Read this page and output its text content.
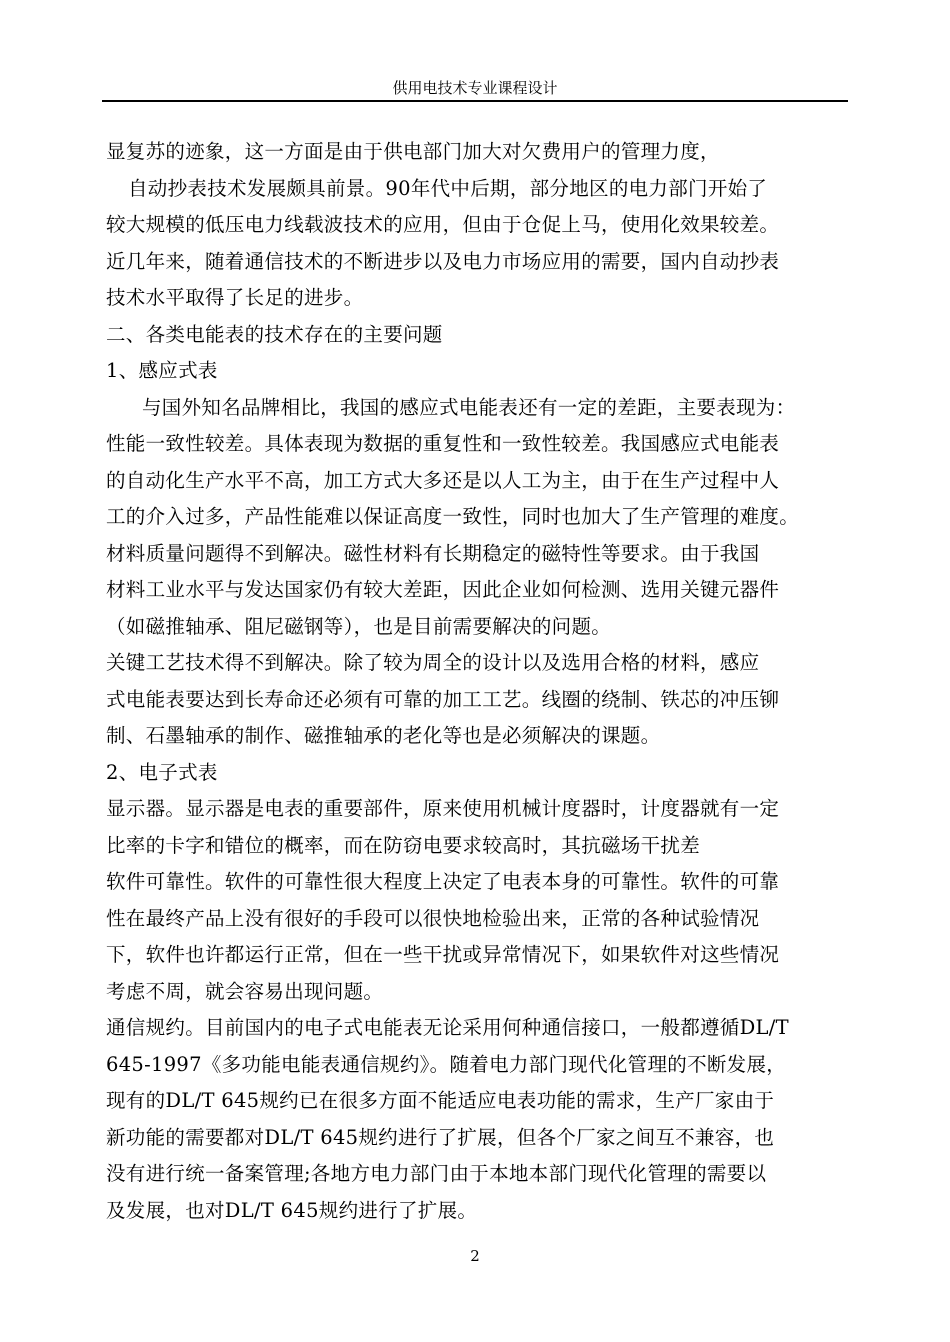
供用电技术专业课程设计
显复苏的迹象，这一方面是由于供电部门加大对欠费用户的管理力度，
自动抄表技术发展颇具前景。90年代中后期，部分地区的电力部门开始了
较大规模的低压电力线载波技术的应用，但由于仓促上马，使用化效果较差。
近几年来，随着通信技术的不断进步以及电力市场应用的需要，国内自动抄表
技术水平取得了长足的进步。
二、各类电能表的技术存在的主要问题
1、感应式表
与国外知名品牌相比，我国的感应式电能表还有一定的差距，主要表现为：
性能一致性较差。具体表现为数据的重复性和一致性较差。我国感应式电能表
的自动化生产水平不高，加工方式大多还是以人工为主，由于在生产过程中人
工的介入过多，产品性能难以保证高度一致性，同时也加大了生产管理的难度。
材料质量问题得不到解决。磁性材料有长期稳定的磁特性等要求。由于我国
材料工业水平与发达国家仍有较大差距，因此企业如何检测、选用关键元器件
（如磁推轴承、阻尼磁钢等），也是目前需要解决的问题。
关键工艺技术得不到解决。除了较为周全的设计以及选用合格的材料，感应
式电能表要达到长寿命还必须有可靠的加工工艺。线圈的绕制、铁芯的冲压铆
制、石墨轴承的制作、磁推轴承的老化等也是必须解决的课题。
2、电子式表
显示器。显示器是电表的重要部件，原来使用机械计度器时，计度器就有一定
比率的卡字和错位的概率，而在防窃电要求较高时，其抗磁场干扰差
软件可靠性。软件的可靠性很大程度上决定了电表本身的可靠性。软件的可靠
性在最终产品上没有很好的手段可以很快地检验出来，正常的各种试验情况
下，软件也许都运行正常，但在一些干扰或异常情况下，如果软件对这些情况
考虑不周，就会容易出现问题。
通信规约。目前国内的电子式电能表无论采用何种通信接口，一般都遵循DL/T
645-1997《多功能电能表通信规约》。随着电力部门现代化管理的不断发展，
现有的DL/T 645规约已在很多方面不能适应电表功能的需求，生产厂家由于
新功能的需要都对DL/T 645规约进行了扩展，但各个厂家之间互不兼容，也
没有进行统一备案管理;各地方电力部门由于本地本部门现代化管理的需要以
及发展，也对DL/T 645规约进行了扩展。
2
